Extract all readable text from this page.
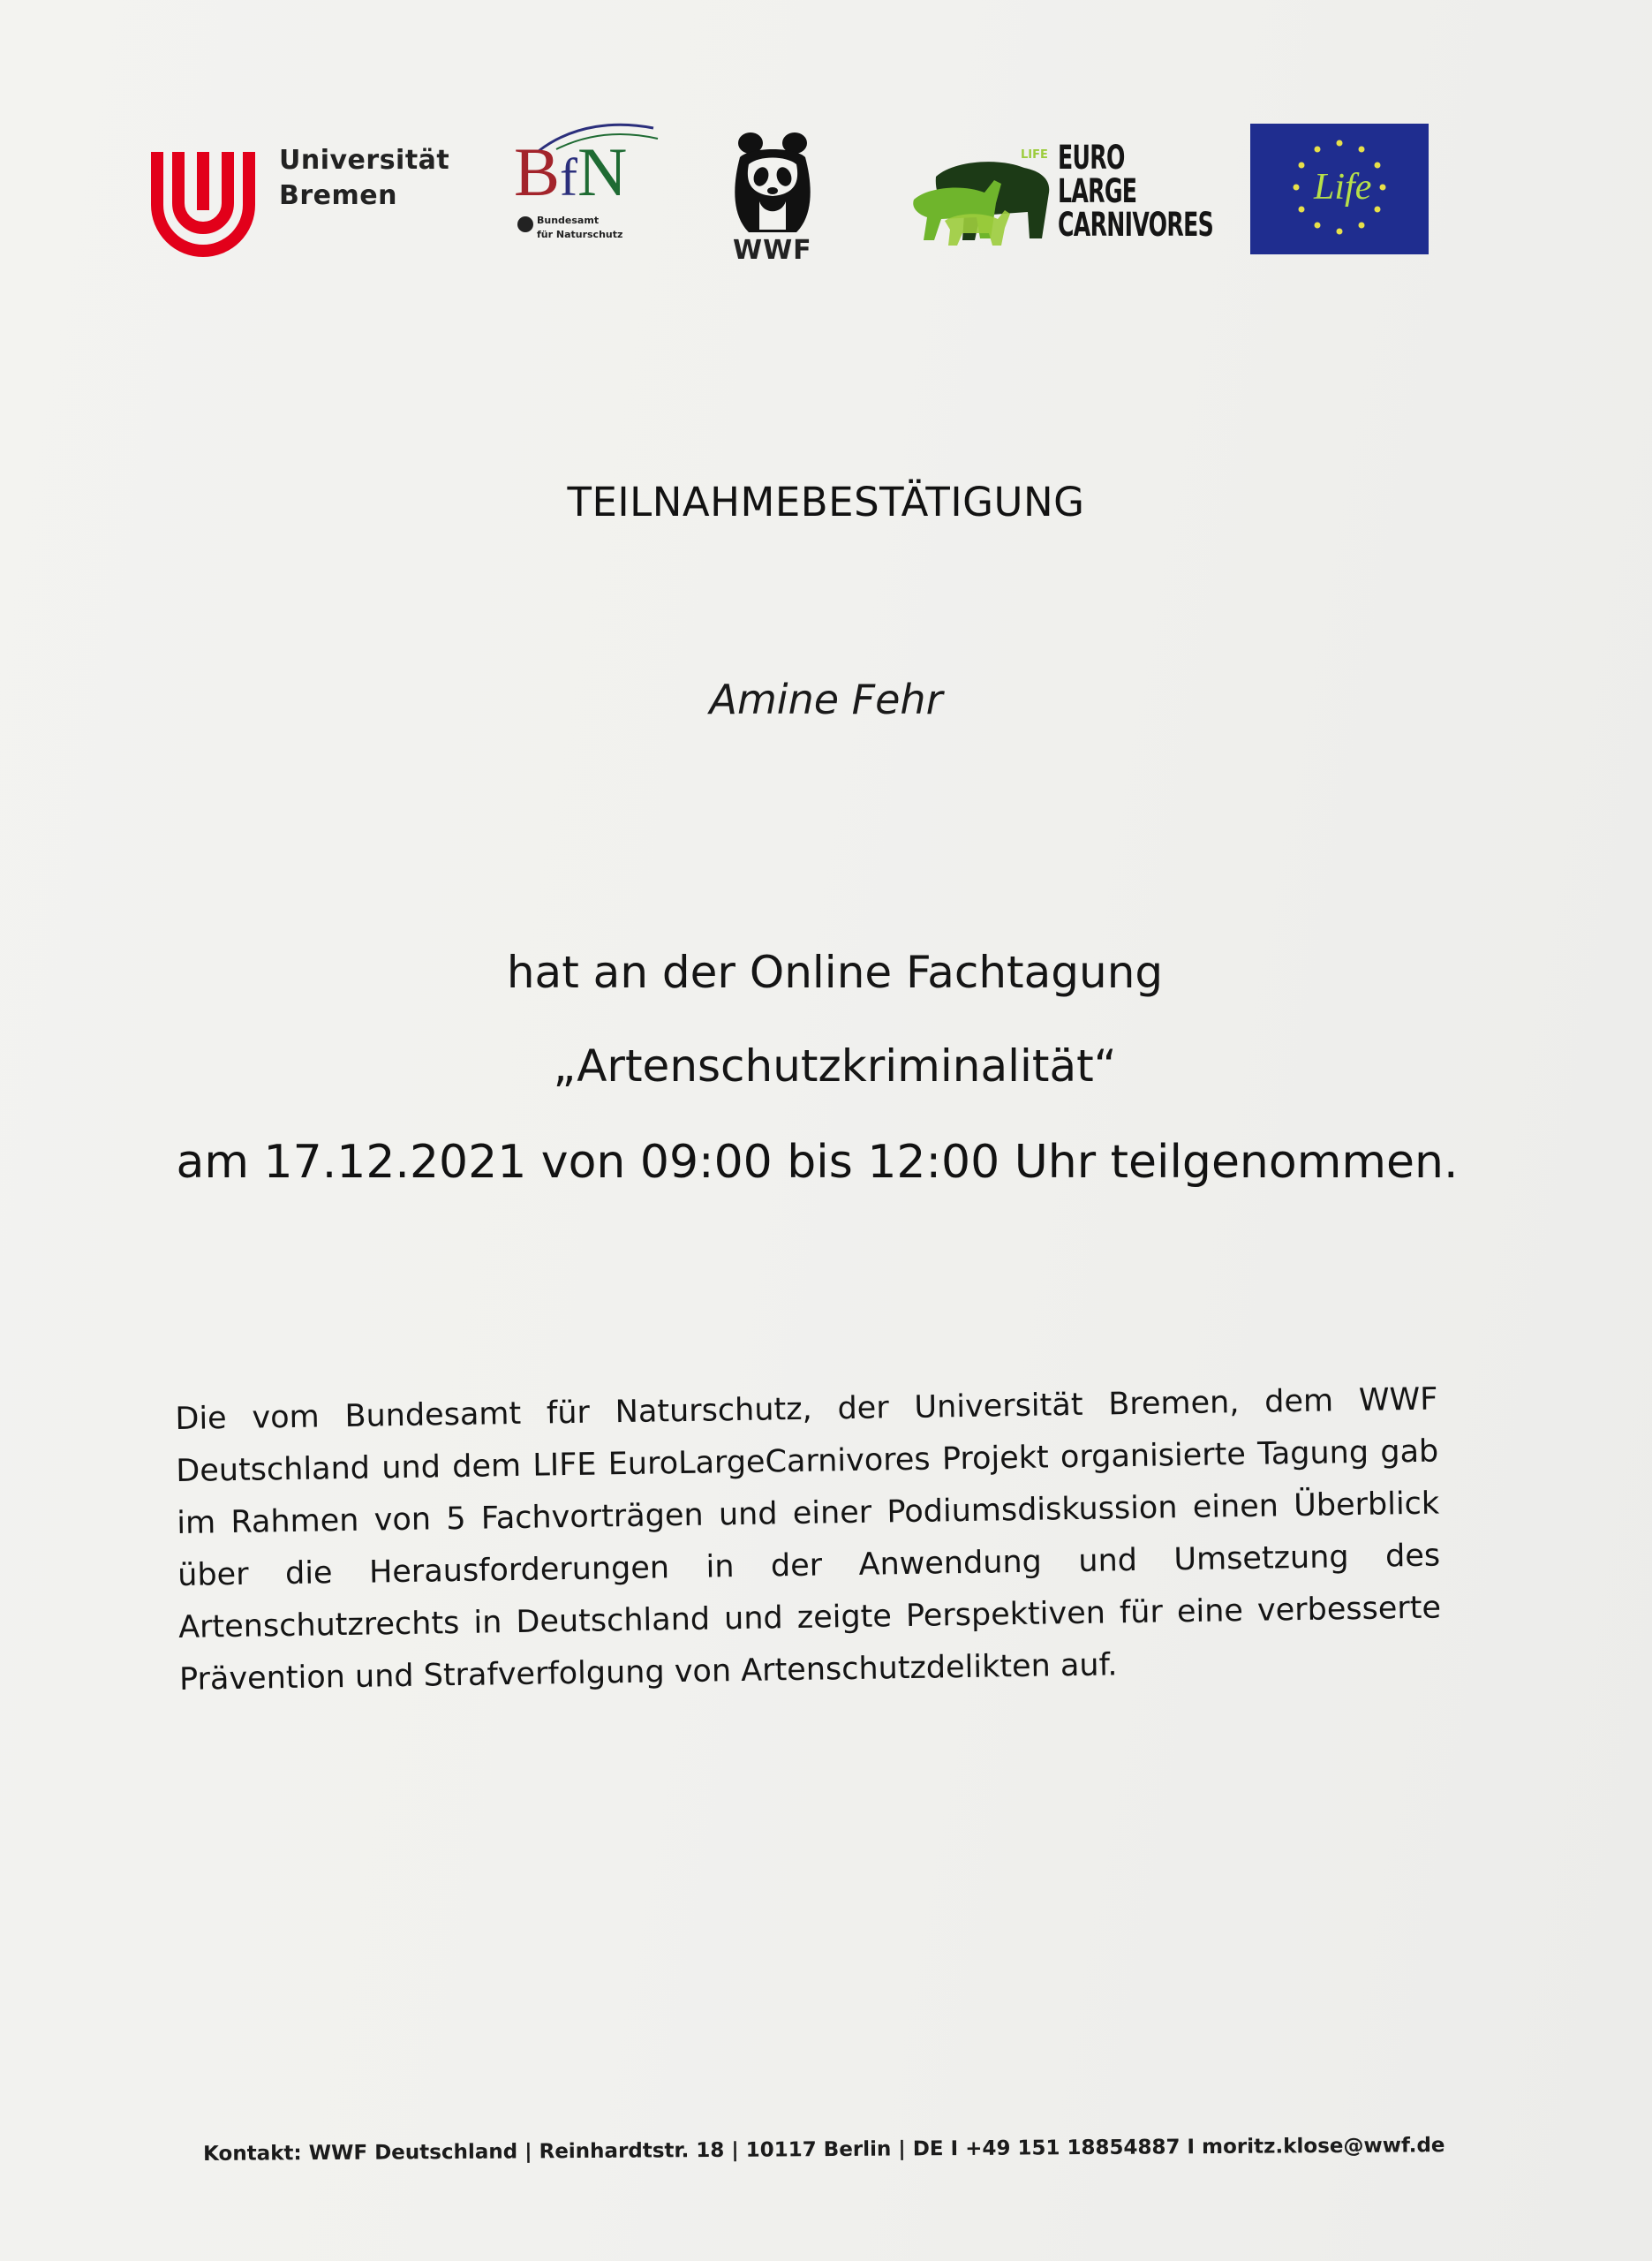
Universität
Bremen	BfN
Bundesamt
für Naturschutz
WWF
LIFE EURO
LARGE
CARNIVORES
Life
TEILNAHMEBESTÄTIGUNG
Amine Fehr
hat an der Online Fachtagung
„Artenschutzkriminalität“
am 17.12.2021 von 09:00 bis 12:00 Uhr teilgenommen.
Die vom Bundesamt für Naturschutz, der Universität Bremen, dem WWF Deutschland und dem LIFE EuroLargeCarnivores Projekt organisierte Tagung gab im Rahmen von 5 Fachvorträgen und einer Podiumsdiskussion einen Überblick über die Herausforderungen in der Anwendung und Umsetzung des Artenschutzrechts in Deutschland und zeigte Perspektiven für eine verbesserte Prävention und Strafverfolgung von Artenschutzdelikten auf.
Kontakt: WWF Deutschland | Reinhardtstr. 18 | 10117 Berlin | DE I +49 151 18854887 I moritz.klose@wwf.de
